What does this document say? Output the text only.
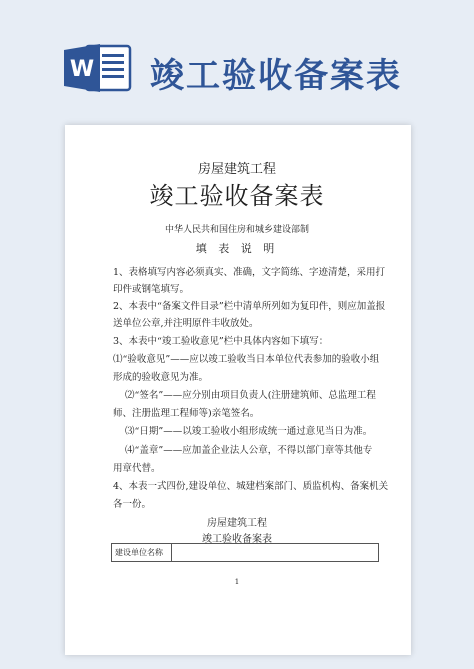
W 竣工验收备案表
房屋建筑工程
竣工验收备案表
中华人民共和国住房和城乡建设部制
填 表 说 明
1、表格填写内容必须真实、准确，文字简练、字迹清楚，采用打
印件或钢笔填写。
2、本表中“备案文件目录”栏中清单所列如为复印件，则应加盖报
送单位公章,并注明原件丰收放处。
3、本表中“竣工验收意见”栏中具体内容如下填写：
⑴“验收意见”——应以竣工验收当日本单位代表参加的验收小组
形成的验收意见为准。
⑵“签名”——应分别由项目负责人(注册建筑师、总监理工程
师、注册监理工程师等)亲笔签名。
⑶“日期”——以竣工验收小组形成统一通过意见当日为准。
⑷“盖章”——应加盖企业法人公章，不得以部门章等其他专
用章代替。
4、本表一式四份,建设单位、城建档案部门、质监机构、备案机关
各一份。
房屋建筑工程
竣工验收备案表
建设单位名称	
1
